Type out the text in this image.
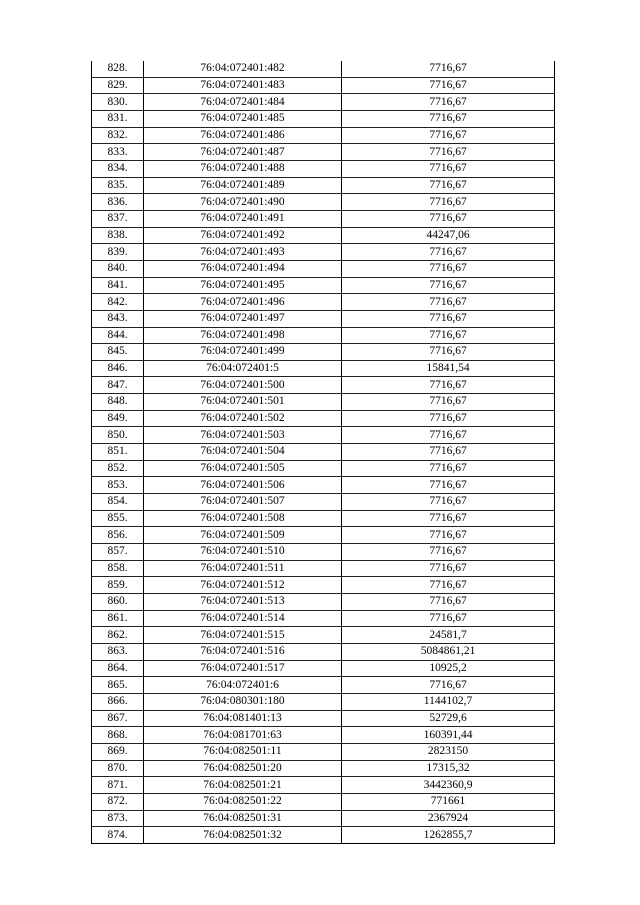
828.	76:04:072401:482	7716,67
829.	76:04:072401:483	7716,67
830.	76:04:072401:484	7716,67
831.	76:04:072401:485	7716,67
832.	76:04:072401:486	7716,67
833.	76:04:072401:487	7716,67
834.	76:04:072401:488	7716,67
835.	76:04:072401:489	7716,67
836.	76:04:072401:490	7716,67
837.	76:04:072401:491	7716,67
838.	76:04:072401:492	44247,06
839.	76:04:072401:493	7716,67
840.	76:04:072401:494	7716,67
841.	76:04:072401:495	7716,67
842.	76:04:072401:496	7716,67
843.	76:04:072401:497	7716,67
844.	76:04:072401:498	7716,67
845.	76:04:072401:499	7716,67
846.	76:04:072401:5	15841,54
847.	76:04:072401:500	7716,67
848.	76:04:072401:501	7716,67
849.	76:04:072401:502	7716,67
850.	76:04:072401:503	7716,67
851.	76:04:072401:504	7716,67
852.	76:04:072401:505	7716,67
853.	76:04:072401:506	7716,67
854.	76:04:072401:507	7716,67
855.	76:04:072401:508	7716,67
856.	76:04:072401:509	7716,67
857.	76:04:072401:510	7716,67
858.	76:04:072401:511	7716,67
859.	76:04:072401:512	7716,67
860.	76:04:072401:513	7716,67
861.	76:04:072401:514	7716,67
862.	76:04:072401:515	24581,7
863.	76:04:072401:516	5084861,21
864.	76:04:072401:517	10925,2
865.	76:04:072401:6	7716,67
866.	76:04:080301:180	1144102,7
867.	76:04:081401:13	52729,6
868.	76:04:081701:63	160391,44
869.	76:04:082501:11	2823150
870.	76:04:082501:20	17315,32
871.	76:04:082501:21	3442360,9
872.	76:04:082501:22	771661
873.	76:04:082501:31	2367924
874.	76:04:082501:32	1262855,7
